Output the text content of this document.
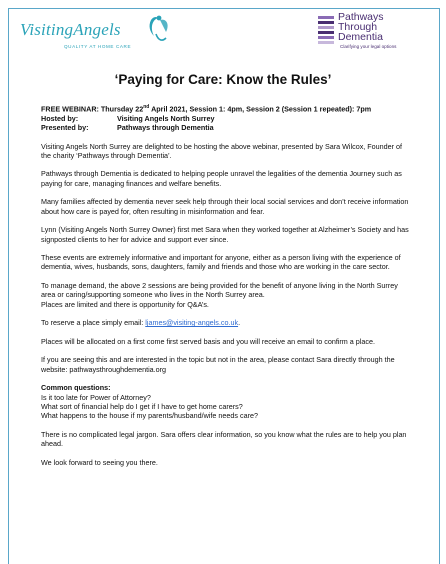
VisitingAngels
QUALITY AT HOME CARE
Pathways
Through
Dementia
Clarifying your legal options
‘Paying for Care: Know the Rules’
FREE WEBINAR: Thursday 22nd April 2021, Session 1: 4pm, Session 2 (Session 1 repeated): 7pm
Hosted by:	Visiting Angels North Surrey
Presented by:	Pathways through Dementia

Visiting Angels North Surrey are delighted to be hosting the above webinar, presented by Sara Wilcox, Founder of the charity ‘Pathways through Dementia’.

Pathways through Dementia is dedicated to helping people unravel the legalities of the dementia Journey such as paying for care, managing finances and welfare benefits.

Many families affected by dementia never seek help through their local social services and don’t receive information about how care is payed for, often resulting in misinformation and fear.

Lynn (Visiting Angels North Surrey Owner) first met Sara when they worked together at Alzheimer’s Society and has signposted clients to her for advice and support ever since.

These events are extremely informative and important for anyone, either as a person living with the experience of dementia, wives, husbands, sons, daughters, family and friends and those who are working in the care sector.

To manage demand, the above 2 sessions are being provided for the benefit of anyone living in the North Surrey area or caring/supporting someone who lives in the North Surrey area.
Places are limited and there is opportunity for Q&A’s.

To reserve a place simply email: ljames@visiting-angels.co.uk.

Places will be allocated on a first come first served basis and you will receive an email to confirm a place.

If you are seeing this and are interested in the topic but not in the area, please contact Sara directly through the website: pathwaysthroughdementia.org

Common questions:
Is it too late for Power of Attorney?
What sort of financial help do I get if I have to get home carers?
What happens to the house if my parents/husband/wife needs care?

There is no complicated legal jargon. Sara offers clear information, so you know what the rules are to help you plan ahead.

We look forward to seeing you there.
